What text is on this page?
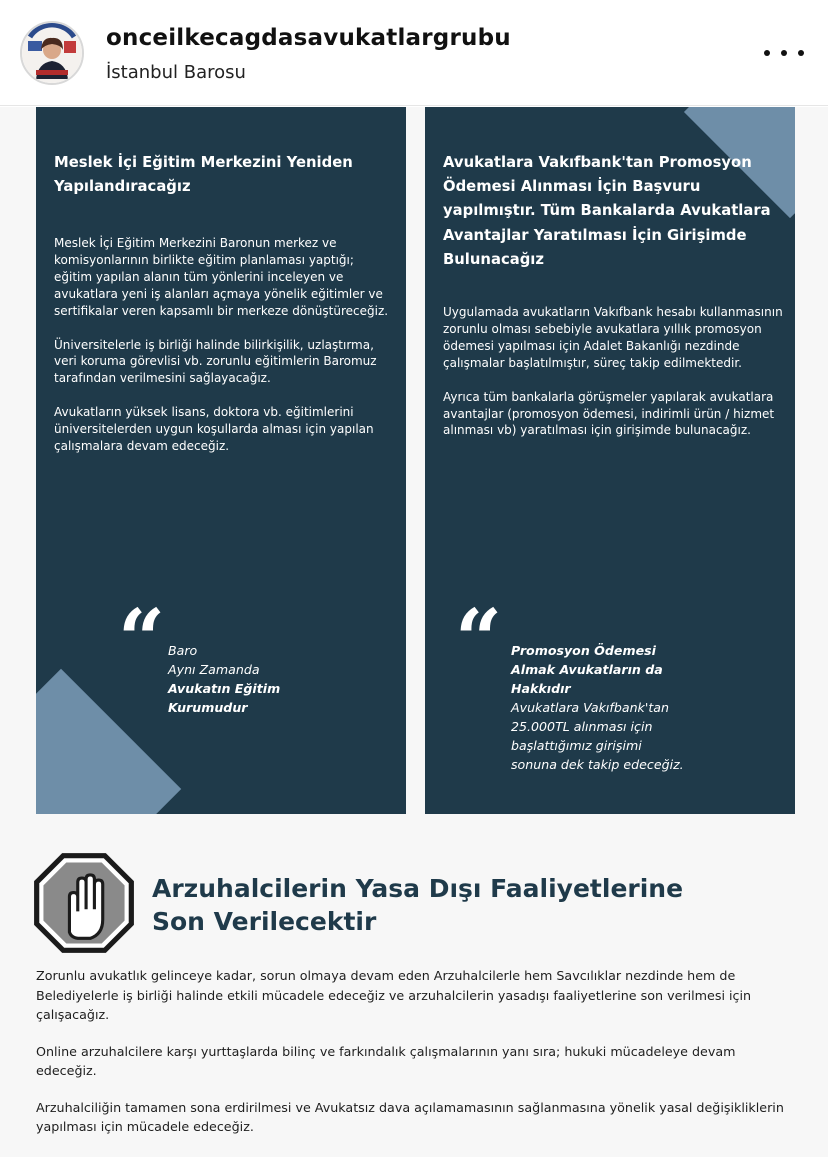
onceilkecagdasavukatlargrubu
İstanbul Barosu
Meslek İçi Eğitim Merkezini Yeniden Yapılandıracağız

Meslek İçi Eğitim Merkezini Baronun merkez ve komisyonlarının birlikte eğitim planlaması yaptığı; eğitim yapılan alanın tüm yönlerini inceleyen ve avukatlara yeni iş alanları açmaya yönelik eğitimler ve sertifikalar veren kapsamlı bir merkeze dönüştüreceğiz.

Üniversitelerle iş birliği halinde bilirkişilik, uzlaştırma, veri koruma görevlisi vb. zorunlu eğitimlerin Baromuz tarafından verilmesini sağlayacağız.

Avukatların yüksek lisans, doktora vb. eğitimlerini üniversitelerden uygun koşullarda alması için yapılan çalışmalara devam edeceğiz.

“ Baro
Aynı Zamanda
Avukatın Eğitim
Kurumudur
Avukatlara Vakıfbank'tan Promosyon Ödemesi Alınması İçin Başvuru yapılmıştır. Tüm Bankalarda Avukatlara Avantajlar Yaratılması İçin Girişimde Bulunacağız

Uygulamada avukatların Vakıfbank hesabı kullanmasının zorunlu olması sebebiyle avukatlara yıllık promosyon ödemesi yapılması için Adalet Bakanlığı nezdinde çalışmalar başlatılmıştır, süreç takip edilmektedir.

Ayrıca tüm bankalarla görüşmeler yapılarak avukatlara avantajlar (promosyon ödemesi, indirimli ürün / hizmet alınması vb) yaratılması için girişimde bulunacağız.

“ Promosyon Ödemesi
Almak Avukatların da
Hakkıdır
Avukatlara Vakıfbank'tan
25.000TL alınması için
başlattığımız girişimi
sonuna dek takip edeceğiz.
Arzuhalcilerin Yasa Dışı Faaliyetlerine
Son Verilecektir

Zorunlu avukatlık gelinceye kadar, sorun olmaya devam eden Arzuhalcilerle hem Savcılıklar nezdinde hem de Belediyelerle iş birliği halinde etkili mücadele edeceğiz ve arzuhalcilerin yasadışı faaliyetlerine son verilmesi için çalışacağız.

Online arzuhalcilere karşı yurttaşlarda bilinç ve farkındalık çalışmalarının yanı sıra; hukuki mücadeleye devam edeceğiz.

Arzuhalciliğin tamamen sona erdirilmesi ve Avukatsız dava açılamamasının sağlanmasına yönelik yasal değişikliklerin yapılması için mücadele edeceğiz.
